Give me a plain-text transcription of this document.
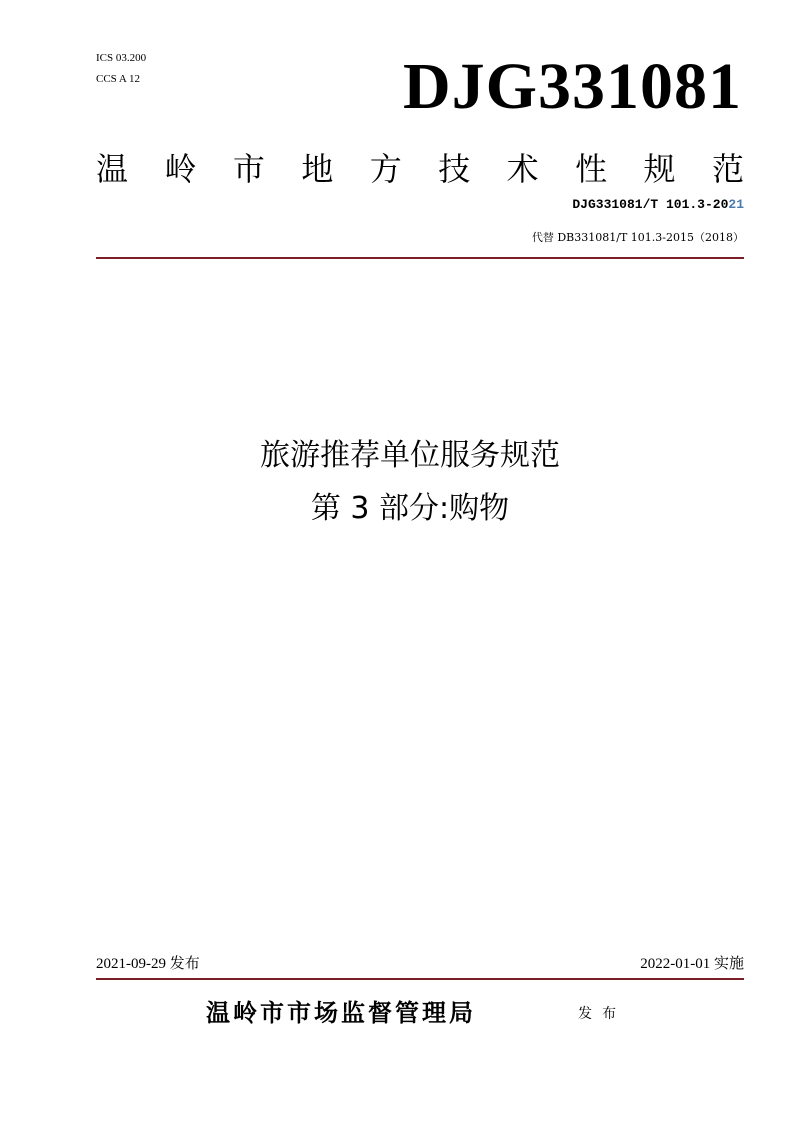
ICS 03.200
CCS A 12	DJG331081
温 岭 市 地 方 技 术 性 规 范
DJG331081/T 101.3-2021
代替 DB331081/T 101.3-2015（2018）
旅游推荐单位服务规范
第 3 部分:购物
2021-09-29 发布	2022-01-01 实施
温岭市市场监督管理局	发布
